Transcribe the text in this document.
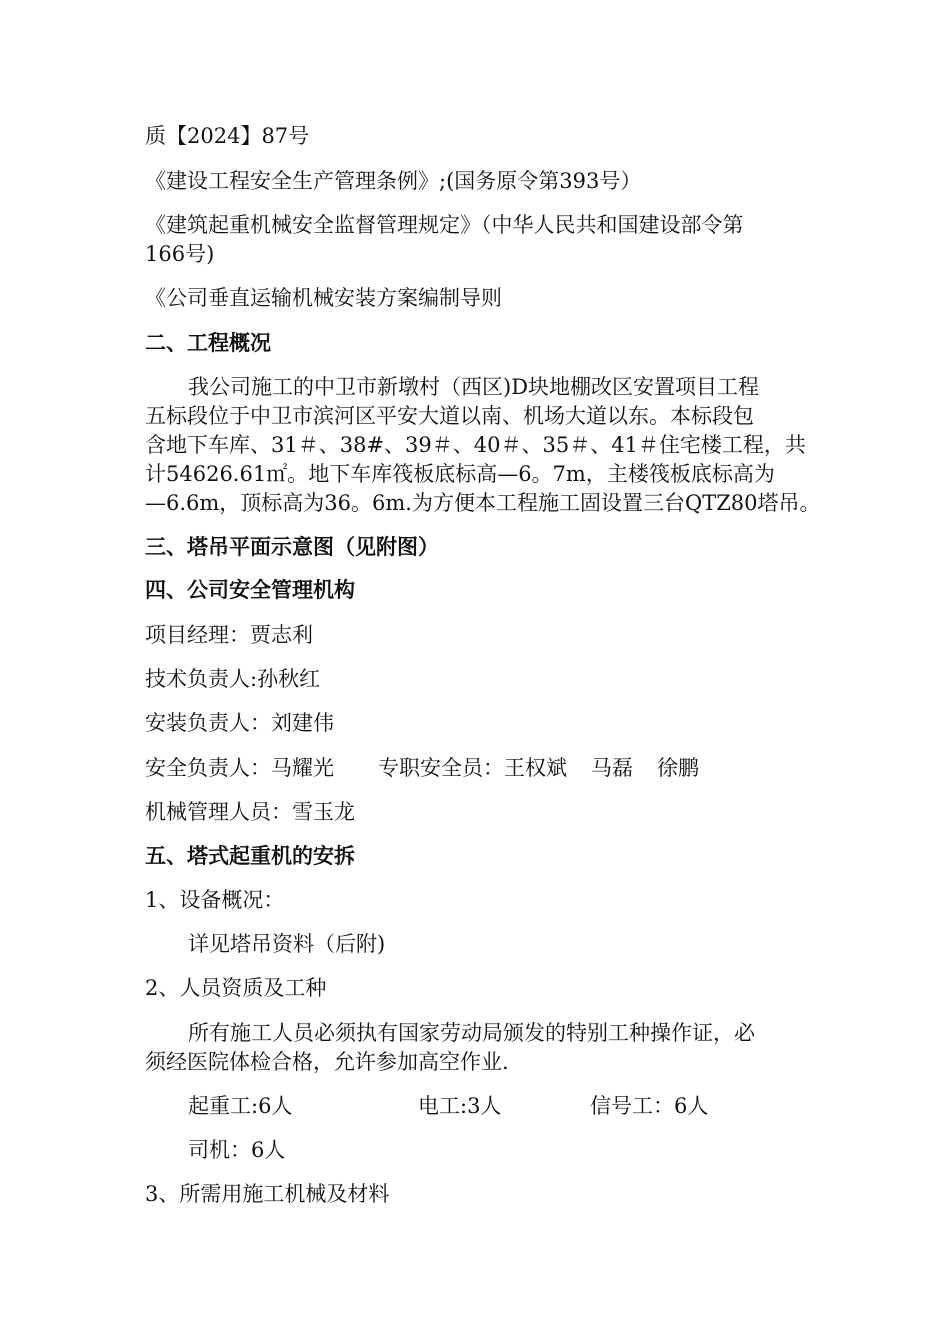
质【2024】87号

《建设工程安全生产管理条例》;(国务原令第393号）

《建筑起重机械安全监督管理规定》（中华人民共和国建设部令第

166号)

《公司垂直运输机械安装方案编制导则

二、工程概况

我公司施工的中卫市新墩村（西区)D块地棚改区安置项目工程

五标段位于中卫市滨河区平安大道以南、机场大道以东。本标段包

含地下车库、31＃、38#、39＃、40＃、35＃、41＃住宅楼工程，共

计54626.61㎡。地下车库筏板底标高—6。7m，主楼筏板底标高为

—6.6m，顶标高为36。6m.为方便本工程施工固设置三台QTZ80塔吊。

三、塔吊平面示意图（见附图）

四、公司安全管理机构

项目经理：贾志利

技术负责人:孙秋红

安装负责人：刘建伟

安全负责人：马耀光 专职安全员：王权斌 马磊 徐鹏

机械管理人员：雪玉龙

五、塔式起重机的安拆

1、设备概况：

详见塔吊资料（后附)

2、人员资质及工种

所有施工人员必须执有国家劳动局颁发的特别工种操作证，必

须经医院体检合格，允许参加高空作业.

起重工:6人	电工:3人	信号工：6人

司机：6人

3、所需用施工机械及材料
